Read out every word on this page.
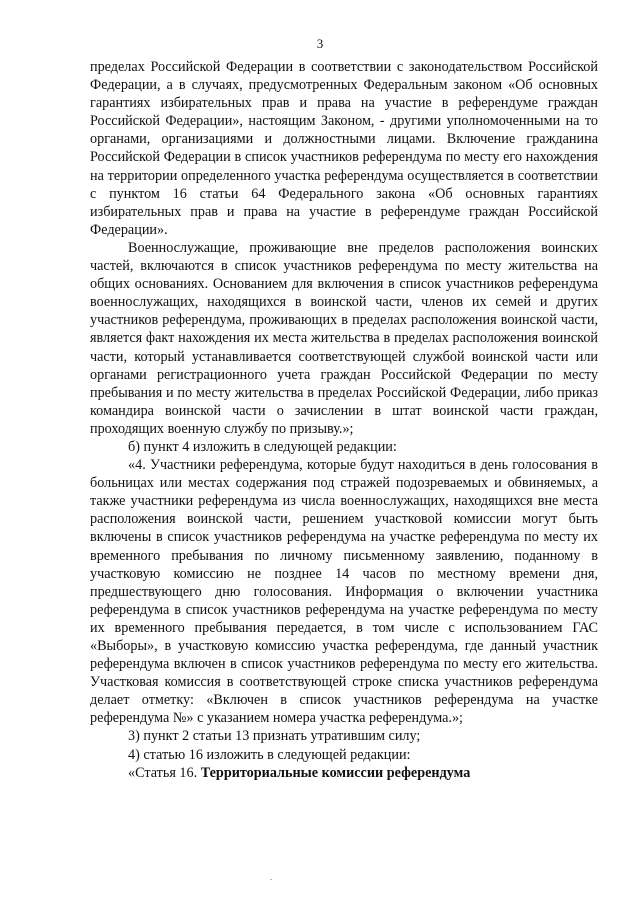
3

пределах Российской Федерации в соответствии с законодательством Российской Федерации, а в случаях, предусмотренных Федеральным законом «Об основных гарантиях избирательных прав и права на участие в референдуме граждан Российской Федерации», настоящим Законом, - другими уполномоченными на то органами, организациями и должностными лицами. Включение гражданина Российской Федерации в список участников референдума по месту его нахождения на территории определенного участка референдума осуществляется в соответствии с пунктом 16 статьи 64 Федерального закона «Об основных гарантиях избирательных прав и права на участие в референдуме граждан Российской Федерации».

Военнослужащие, проживающие вне пределов расположения воинских частей, включаются в список участников референдума по месту жительства на общих основаниях. Основанием для включения в список участников референдума военнослужащих, находящихся в воинской части, членов их семей и других участников референдума, проживающих в пределах расположения воинской части, является факт нахождения их места жительства в пределах расположения воинской части, который устанавливается соответствующей службой воинской части или органами регистрационного учета граждан Российской Федерации по месту пребывания и по месту жительства в пределах Российской Федерации, либо приказ командира воинской части о зачислении в штат воинской части граждан, проходящих военную службу по призыву.»;

б) пункт 4 изложить в следующей редакции:

«4. Участники референдума, которые будут находиться в день голосования в больницах или местах содержания под стражей подозреваемых и обвиняемых, а также участники референдума из числа военнослужащих, находящихся вне места расположения воинской части, решением участковой комиссии могут быть включены в список участников референдума на участке референдума по месту их временного пребывания по личному письменному заявлению, поданному в участковую комиссию не позднее 14 часов по местному времени дня, предшествующего дню голосования. Информация о включении участника референдума в список участников референдума на участке референдума по месту их временного пребывания передается, в том числе с использованием ГАС «Выборы», в участковую комиссию участка референдума, где данный участник референдума включен в список участников референдума по месту его жительства. Участковая комиссия в соответствующей строке списка участников референдума делает отметку: «Включен в список участников референдума на участке референдума №» с указанием номера участка референдума.»;

3) пункт 2 статьи 13 признать утратившим силу;

4) статью 16 изложить в следующей редакции:

«Статья 16. Территориальные комиссии референдума
